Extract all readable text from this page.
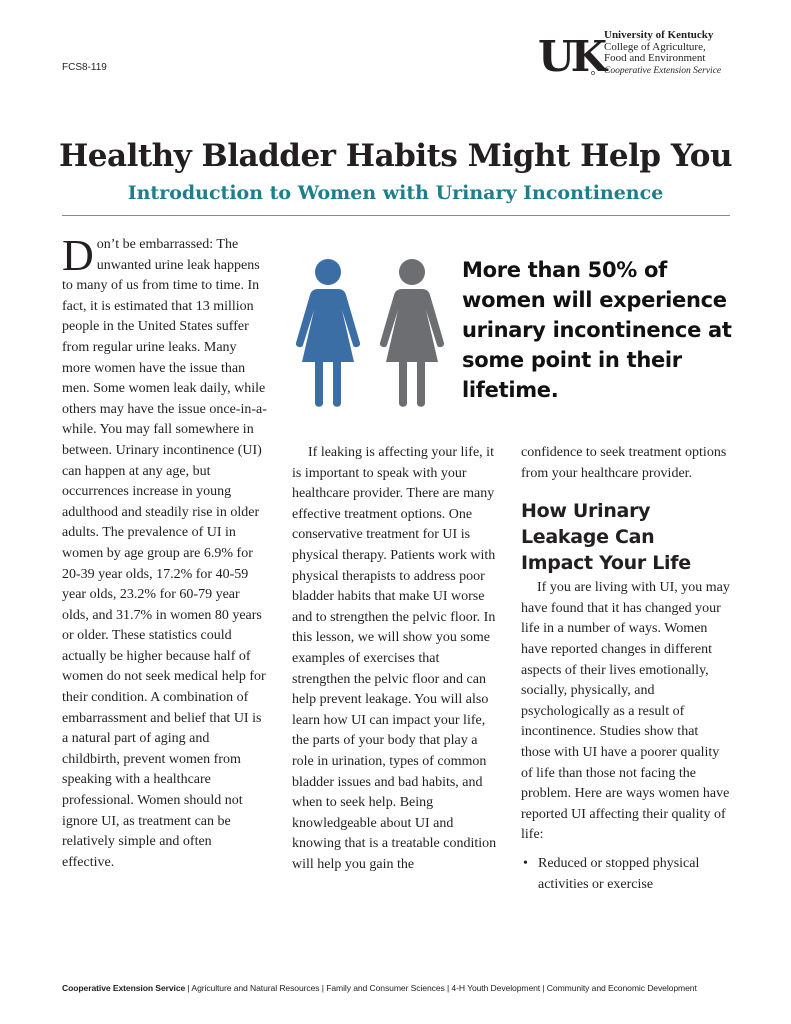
FCS8-119	UK University of Kentucky
College of Agriculture,
Food and Environment
Cooperative Extension Service
Healthy Bladder Habits Might Help You
Introduction to Women with Urinary Incontinence

Don’t be embarrassed: The unwanted urine leak happens to many of us from time to time. In fact, it is estimated that 13 million people in the United States suffer from regular urine leaks. Many more women have the issue than men. Some women leak daily, while others may have the issue once-in-a-while. You may fall somewhere in between. Urinary incontinence (UI) can happen at any age, but occurrences increase in young adulthood and steadily rise in older adults. The prevalence of UI in women by age group are 6.9% for 20-39 year olds, 17.2% for 40-59 year olds, 23.2% for 60-79 year olds, and 31.7% in women 80 years or older. These statistics could actually be higher because half of women do not seek medical help for their condition. A combination of embarrassment and belief that UI is a natural part of aging and childbirth, prevent women from speaking with a healthcare professional. Women should not ignore UI, as treatment can be relatively simple and often effective.

More than 50% of women will experience urinary incontinence at some point in their lifetime.

If leaking is affecting your life, it is important to speak with your healthcare provider. There are many effective treatment options. One conservative treatment for UI is physical therapy. Patients work with physical therapists to address poor bladder habits that make UI worse and to strengthen the pelvic floor. In this lesson, we will show you some examples of exercises that strengthen the pelvic floor and can help prevent leakage. You will also learn how UI can impact your life, the parts of your body that play a role in urination, types of common bladder issues and bad habits, and when to seek help. Being knowledgeable about UI and knowing that is a treatable condition will help you gain the

confidence to seek treatment options from your healthcare provider.

How Urinary Leakage Can Impact Your Life

If you are living with UI, you may have found that it has changed your life in a number of ways. Women have reported changes in different aspects of their lives emotionally, socially, physically, and psychologically as a result of incontinence. Studies show that those with UI have a poorer quality of life than those not facing the problem. Here are ways women have reported UI affecting their quality of life:

• Reduced or stopped physical activities or exercise
Cooperative Extension Service | Agriculture and Natural Resources | Family and Consumer Sciences | 4-H Youth Development | Community and Economic Development
